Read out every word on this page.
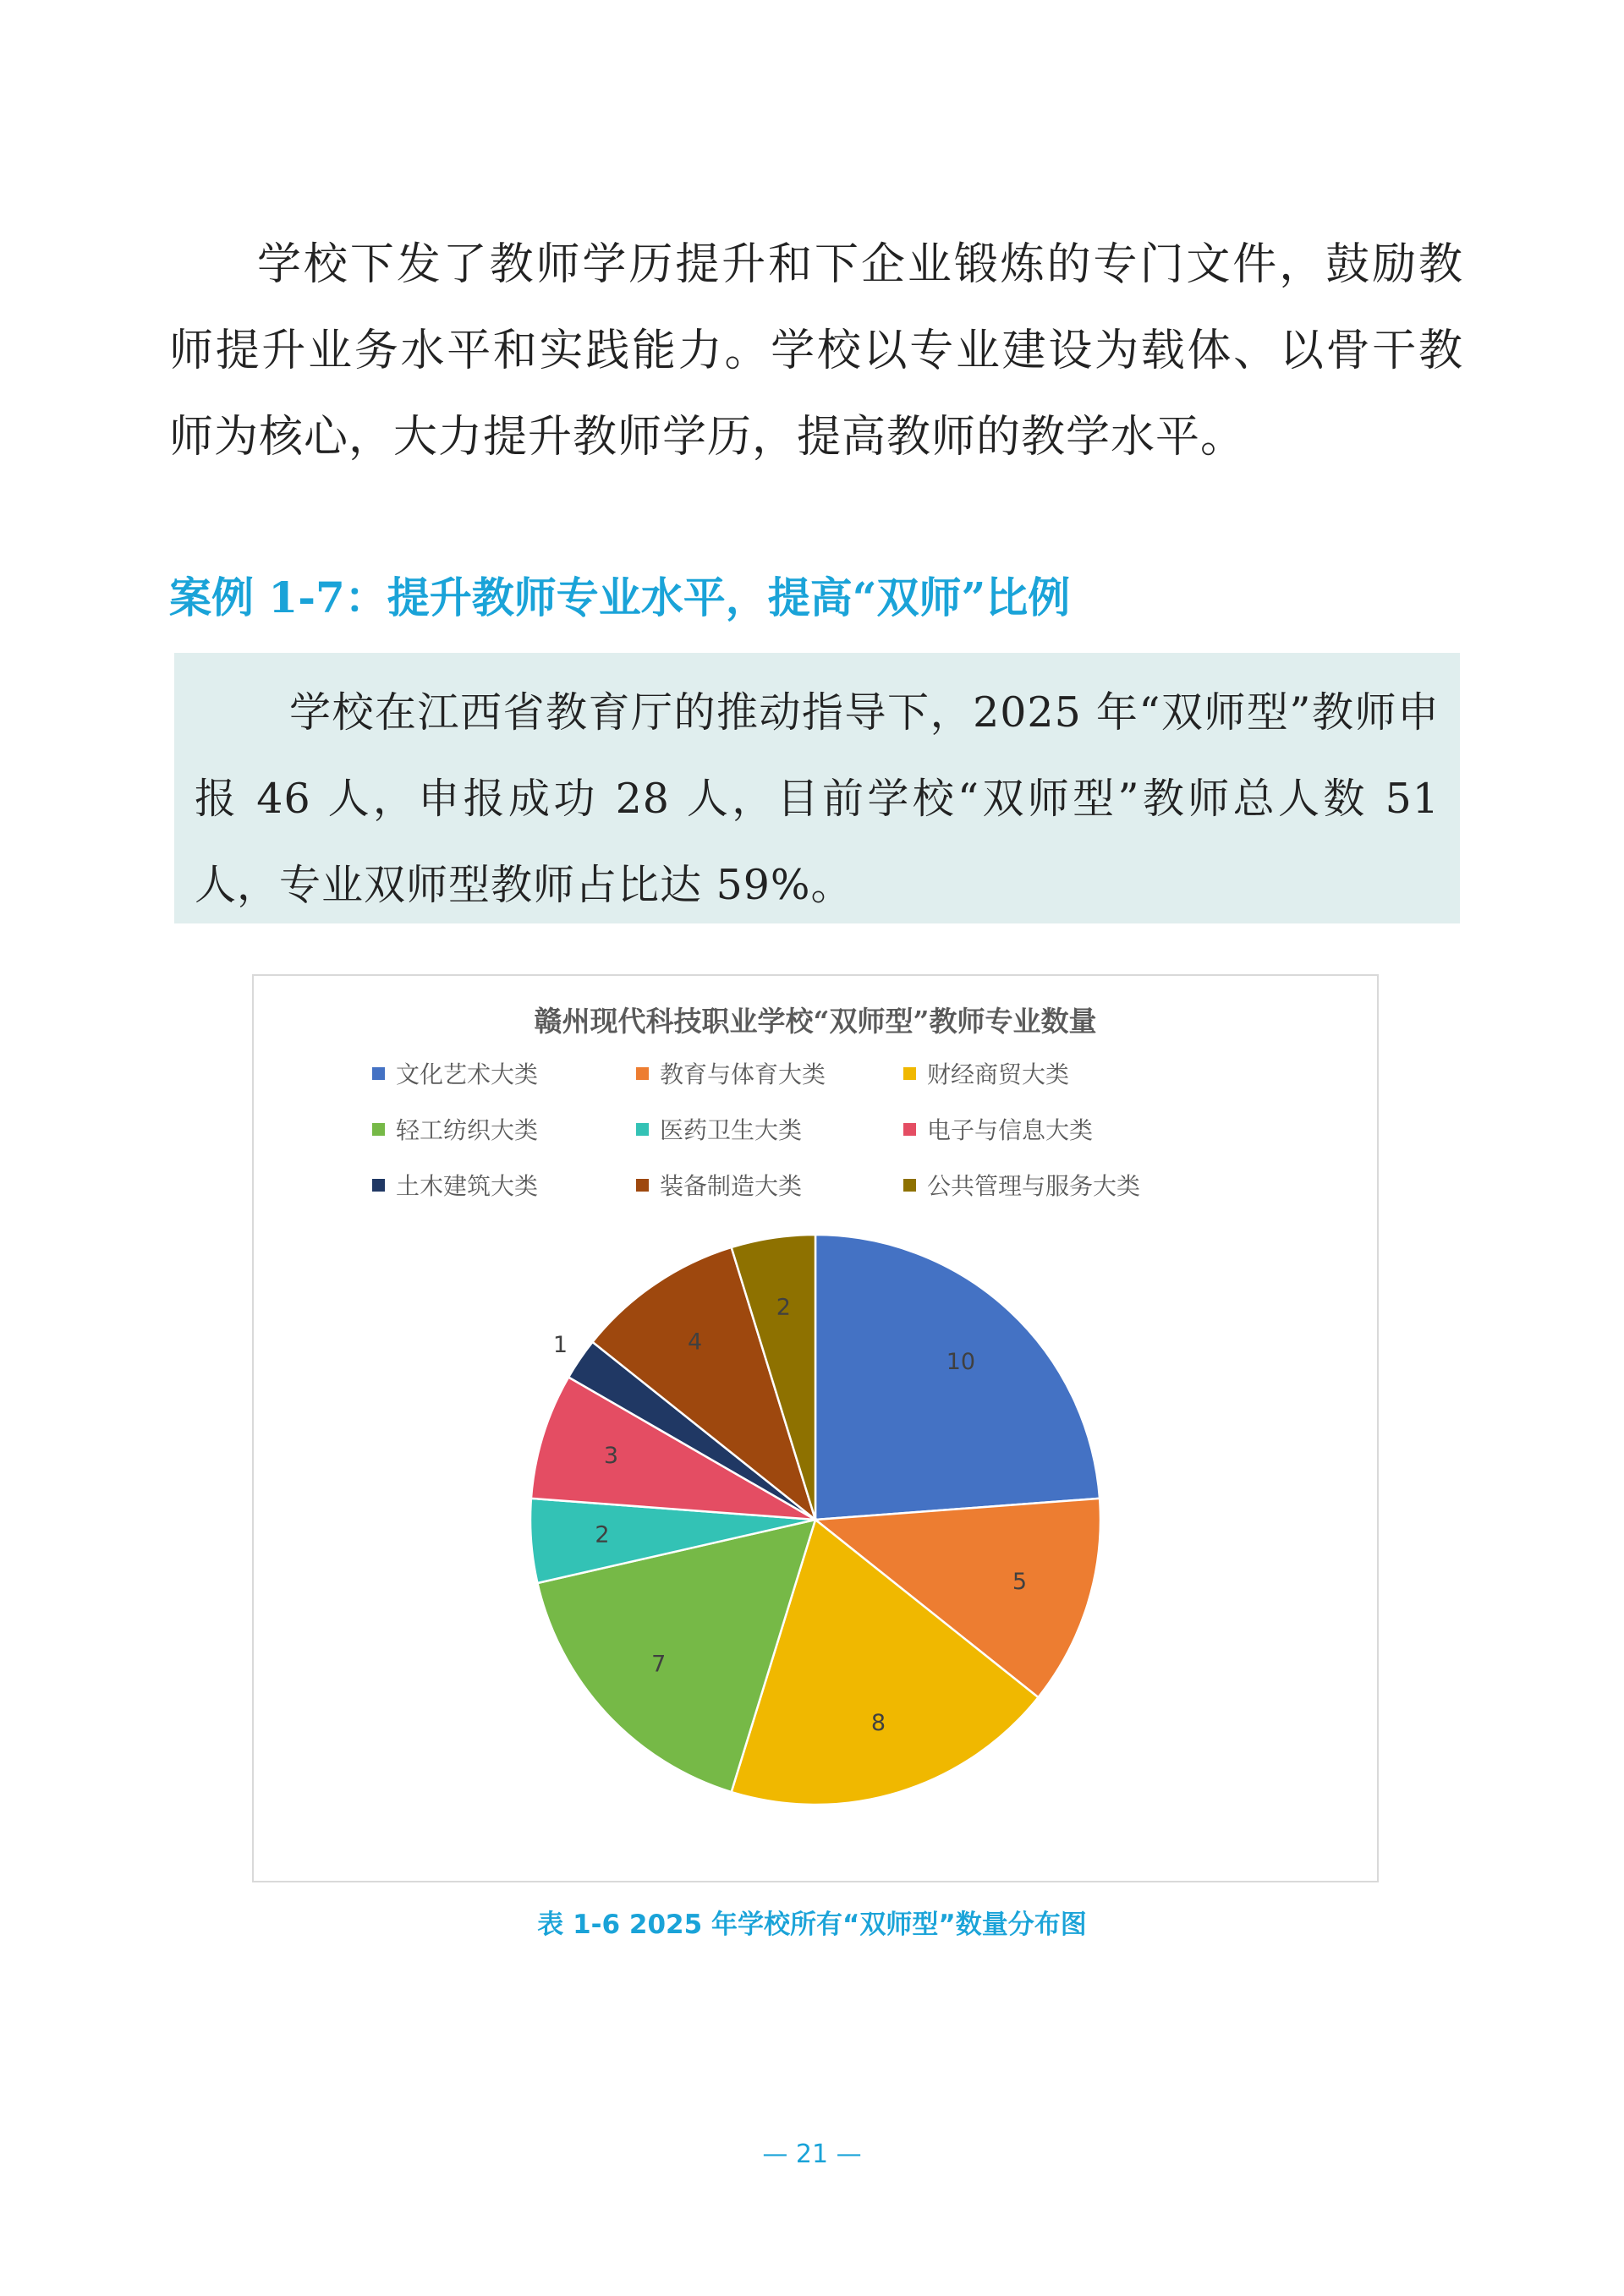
学校下发了教师学历提升和下企业锻炼的专门文件，鼓励教师提升业务水平和实践能力。学校以专业建设为载体、以骨干教师为核心，大力提升教师学历，提高教师的教学水平。

案例 1-7：提升教师专业水平，提高“双师”比例

学校在江西省教育厅的推动指导下，2025 年“双师型”教师申报 46 人，申报成功 28 人，目前学校“双师型”教师总人数 51 人，专业双师型教师占比达 59%。

赣州现代科技职业学校“双师型”教师专业数量
文化艺术大类	教育与体育大类	财经商贸大类
轻工纺织大类	医药卫生大类	电子与信息大类
土木建筑大类	装备制造大类	公共管理与服务大类
10
5
8
7
2
3
1	4
2
表 1-6 2025 年学校所有“双师型”数量分布图
— 21 —
